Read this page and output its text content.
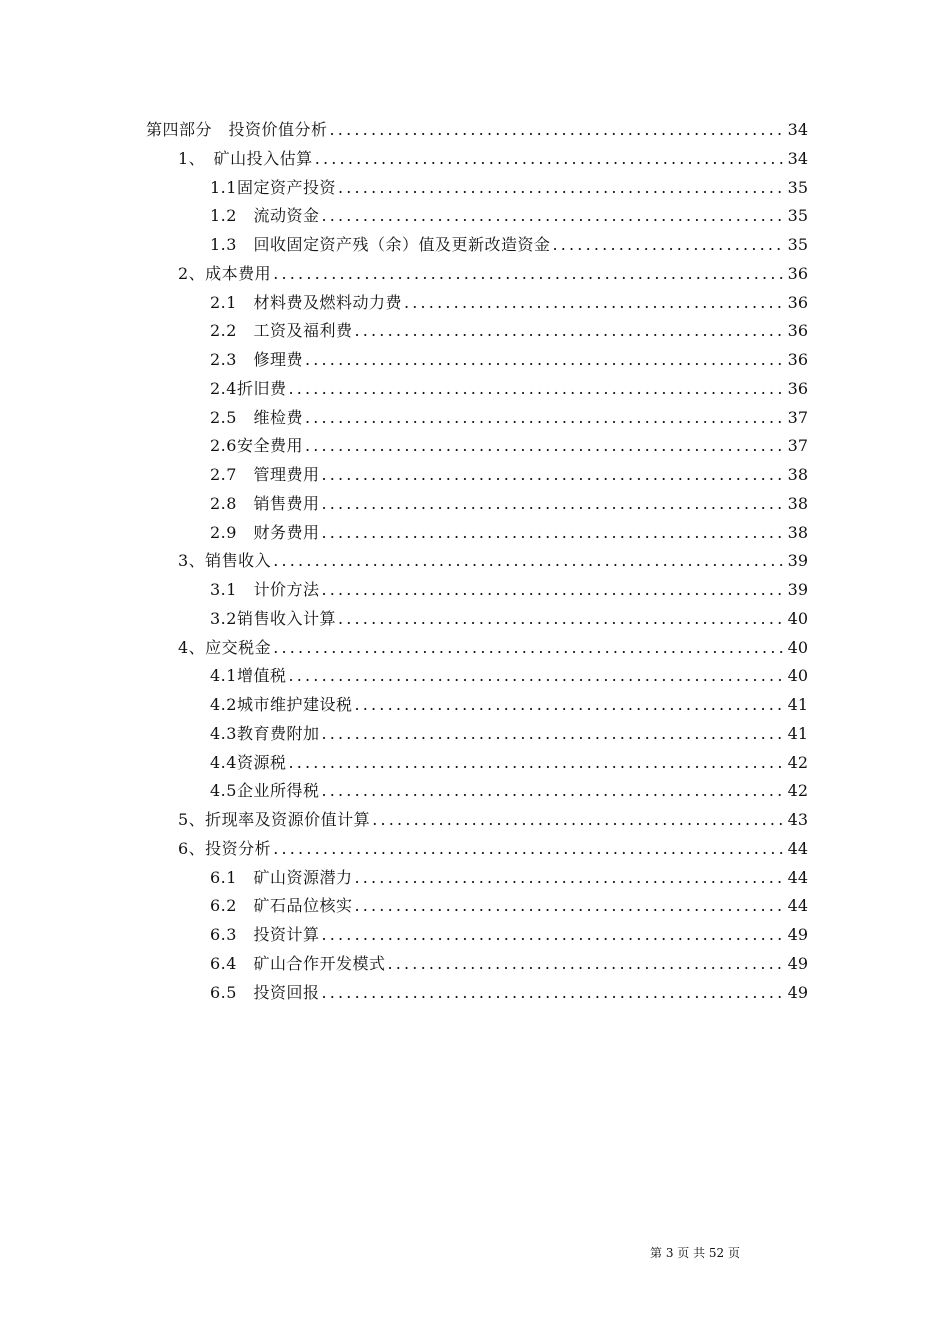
第四部分　投资价值分析 .....	34
1、　矿山投入估算 .....	34
1.1固定资产投资 .....	35
1.2　流动资金 .....	35
1.3　回收固定资产残（余）值及更新改造资金 .....	35
2、成本费用 .....	36
2.1　材料费及燃料动力费 .....	36
2.2　工资及福利费 .....	36
2.3　修理费 .....	36
2.4折旧费 .....	36
2.5　维检费 .....	37
2.6安全费用 .....	37
2.7　管理费用 .....	38
2.8　销售费用 .....	38
2.9　财务费用 .....	38
3、销售收入 .....	39
3.1　计价方法 .....	39
3.2销售收入计算 .....	40
4、应交税金 .....	40
4.1增值税 .....	40
4.2城市维护建设税 .....	41
4.3教育费附加 .....	41
4.4资源税 .....	42
4.5企业所得税 .....	42
5、折现率及资源价值计算 .....	43
6、投资分析 .....	44
6.1　矿山资源潜力 .....	44
6.2　矿石品位核实 .....	44
6.3　投资计算 .....	49
6.4　矿山合作开发模式 .....	49
6.5　投资回报 .....	49
第 3 页 共 52 页
